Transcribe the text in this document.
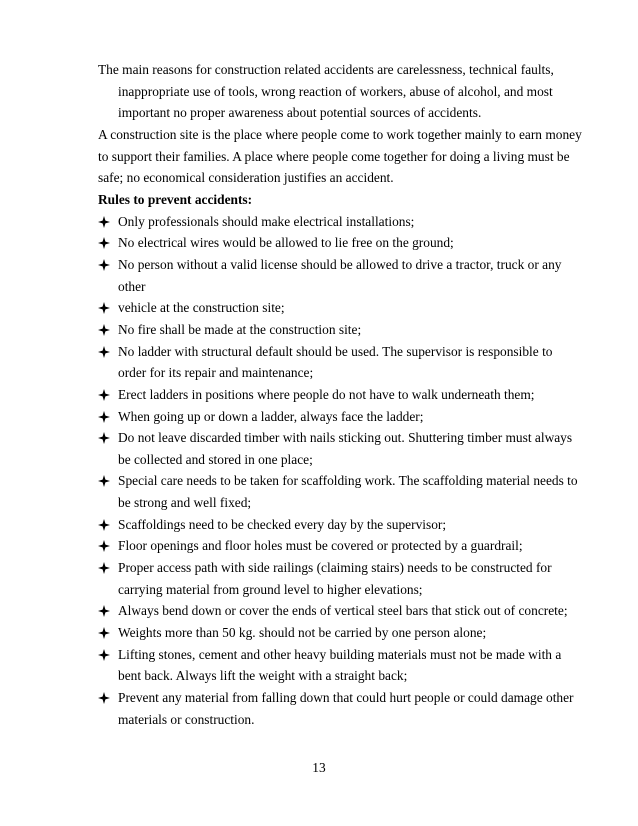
The main reasons for construction related accidents are carelessness, technical faults, inappropriate use of tools, wrong reaction of workers, abuse of alcohol, and most important no proper awareness about potential sources of accidents.

A construction site is the place where people come to work together mainly to earn money to support their families. A place where people come together for doing a living must be safe; no economical consideration justifies an accident.

Rules to prevent accidents:

Only professionals should make electrical installations;

No electrical wires would be allowed to lie free on the ground;

No person without a valid license should be allowed to drive a tractor, truck or any other

vehicle at the construction site;

No fire shall be made at the construction site;

No ladder with structural default should be used. The supervisor is responsible to order for its repair and maintenance;

Erect ladders in positions where people do not have to walk underneath them;

When going up or down a ladder, always face the ladder;

Do not leave discarded timber with nails sticking out. Shuttering timber must always be collected and stored in one place;

Special care needs to be taken for scaffolding work. The scaffolding material needs to be strong and well fixed;

Scaffoldings need to be checked every day by the supervisor;

Floor openings and floor holes must be covered or protected by a guardrail;

Proper access path with side railings (claiming stairs) needs to be constructed for carrying material from ground level to higher elevations;

Always bend down or cover the ends of vertical steel bars that stick out of concrete;

Weights more than 50 kg. should not be carried by one person alone;

Lifting stones, cement and other heavy building materials must not be made with a bent back. Always lift the weight with a straight back;

Prevent any material from falling down that could hurt people or could damage other materials or construction.

13
